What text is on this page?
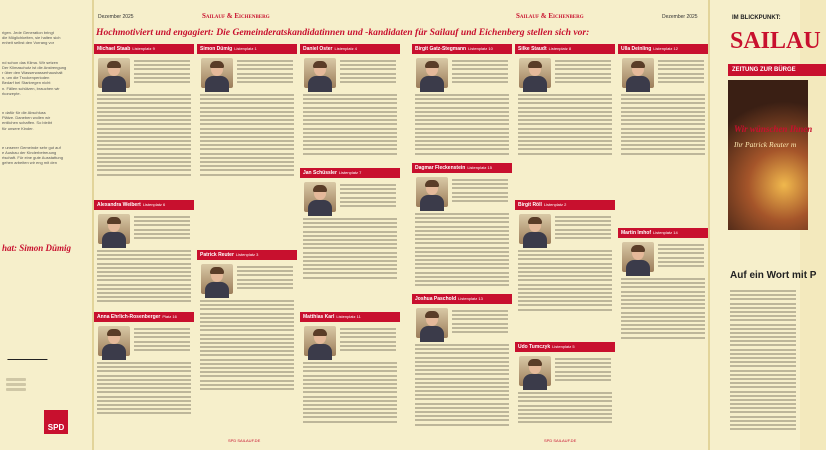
rigen. Jede Generation bringt
die Möglichkeiten, sie halten sich
enheit selbst den Vorrang vor
nd schon das Klima. Wir setzen
Der Klimaschutz ist die Anstrengung
r über den Wasserwasserhaushalt
n, um die Trockenperioden
Bedarf bei Starkregen nicht
n. Fällen schützen, brauchen wir
rkonzepte.
n dafür für die Abschluss
Plätze. Daneben wollen wir
entlichen schaffen. So bleibt
für unsere Kinder.
e unserer Gemeinde sehr gut auf
e Ausbau der Kinderbetreuung
rtschaft. Für eine gute Ausstattung
gehen arbeiten wir eng mit den
hat: Simon Dümig
SPD
Dezember 2025	Sailauf & Eichenberg	Sailauf & Eichenberg	Dezember 2025
Hochmotiviert und engagiert: Die Gemeinderatskandidatinnen und -kandidaten für Sailauf und Eichenberg stellen sich vor:
Michael Staab Listenplatz 9	Simon Dümig Listenplatz 1	Daniel Oster Listenplatz 4	Birgit Gatz-Stegmann Listenplatz 10	Silke Staudt Listenplatz 8	Ulla Deinling Listenplatz 12
Alexandra Weibert Listenplatz 6
Jan Schüssler Listenplatz 7
Dagmar Fleckenstein Listenplatz 15
Birgit Röll Listenplatz 2
Patrick Reuter Listenplatz 3
Martin Imhof Listenplatz 14
Anna Ehrlich-Rosenberger Platz 16	Matthias Karl Listenplatz 11
Joshua Paschold Listenplatz 13
Udo Tumczyk Listenplatz 5
SPD SAILAUF.DE	SPD SAILAUF.DE
IM BLICKPUNKT:
SAILAU
ZEITUNG ZUR BÜRGE
Wir wünschen Ihnen
Ihr Patrick Reuter m
Auf ein Wort mit P
